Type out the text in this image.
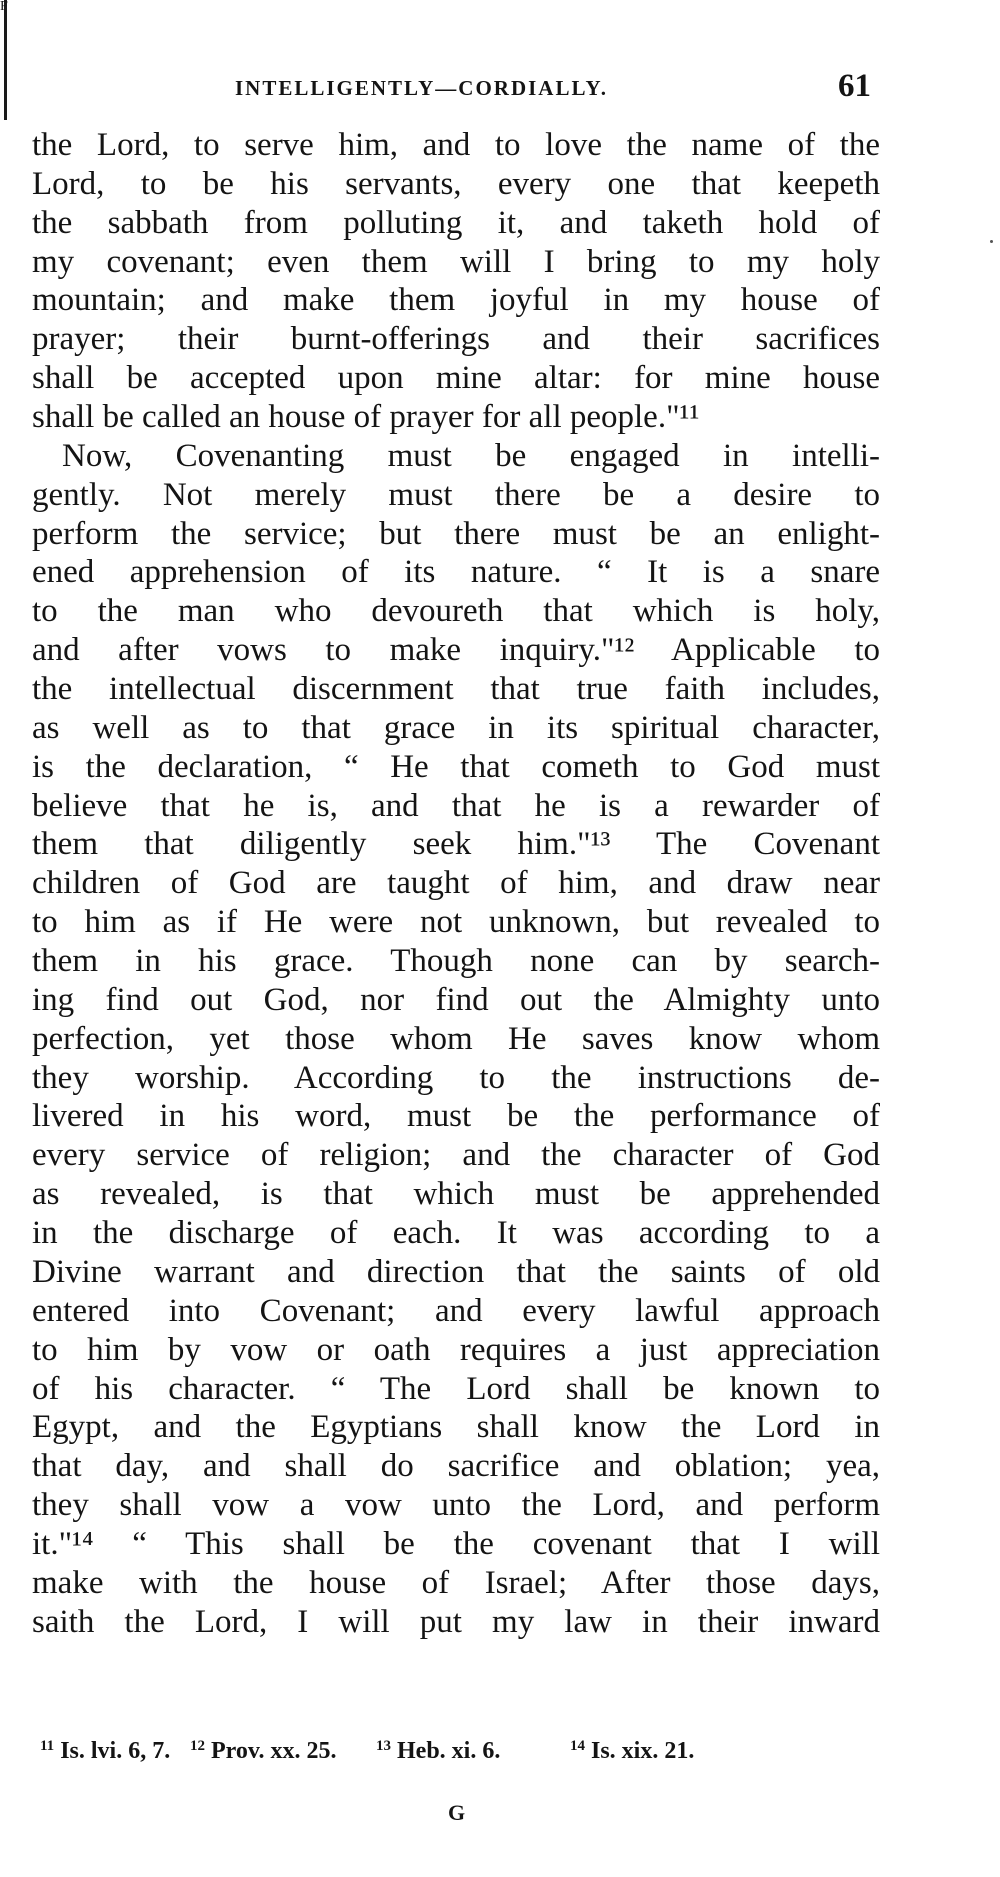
F
INTELLIGENTLY—CORDIALLY.	61
the Lord, to serve him, and to love the name of the
Lord, to be his servants, every one that keepeth
the sabbath from polluting it, and taketh hold of
my covenant; even them will I bring to my holy
mountain; and make them joyful in my house of
prayer; their burnt-offerings and their sacrifices
shall be accepted upon mine altar: for mine house
shall be called an house of prayer for all people."¹¹
Now, Covenanting must be engaged in intelli-
gently. Not merely must there be a desire to
perform the service; but there must be an enlight-
ened apprehension of its nature. “ It is a snare
to the man who devoureth that which is holy,
and after vows to make inquiry."¹² Applicable to
the intellectual discernment that true faith includes,
as well as to that grace in its spiritual character,
is the declaration, “ He that cometh to God must
believe that he is, and that he is a rewarder of
them that diligently seek him."¹³ The Covenant
children of God are taught of him, and draw near
to him as if He were not unknown, but revealed to
them in his grace. Though none can by search-
ing find out God, nor find out the Almighty unto
perfection, yet those whom He saves know whom
they worship. According to the instructions de-
livered in his word, must be the performance of
every service of religion; and the character of God
as revealed, is that which must be apprehended
in the discharge of each. It was according to a
Divine warrant and direction that the saints of old
entered into Covenant; and every lawful approach
to him by vow or oath requires a just appreciation
of his character. “ The Lord shall be known to
Egypt, and the Egyptians shall know the Lord in
that day, and shall do sacrifice and oblation; yea,
they shall vow a vow unto the Lord, and perform
it."¹⁴ “ This shall be the covenant that I will
make with the house of Israel; After those days,
saith the Lord, I will put my law in their inward
$^{11}$ Is. lvi. 6, 7. $^{12}$ Prov. xx. 25.	$^{13}$ Heb. xi. 6.	$^{14}$ Is. xix. 21.
G
